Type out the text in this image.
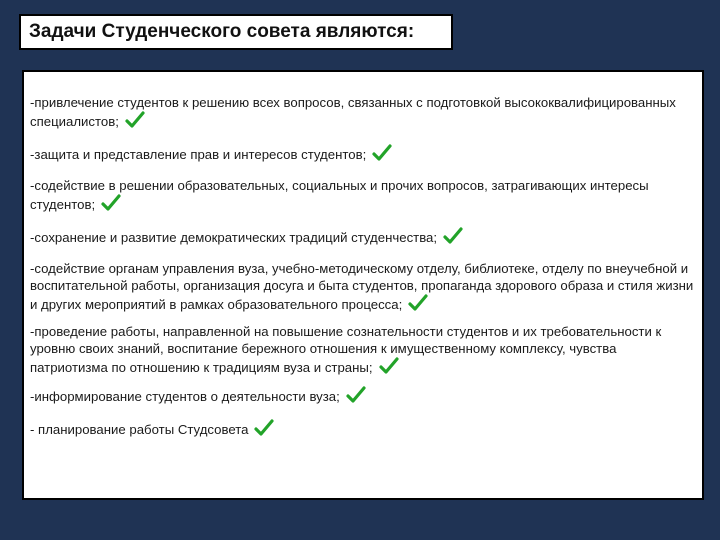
Задачи Студенческого совета являются:
-привлечение студентов к решению всех вопросов, связанных с подготовкой высококвалифицированных специалистов;
-защита и представление прав и интересов студентов;
-содействие в решении образовательных, социальных и прочих вопросов, затрагивающих интересы студентов;
-сохранение и развитие демократических традиций студенчества;
-содействие органам управления вуза, учебно-методическому отделу, библиотеке, отделу по внеучебной и воспитательной работы, организация досуга и быта студентов, пропаганда здорового образа и стиля жизни и других мероприятий в рамках образовательного процесса;
-проведение работы, направленной на повышение сознательности студентов и их требовательности к уровню своих знаний, воспитание бережного отношения к имущественному комплексу, чувства патриотизма по отношению к традициям вуза и страны;
-информирование студентов о деятельности вуза;
- планирование работы Студсовета
